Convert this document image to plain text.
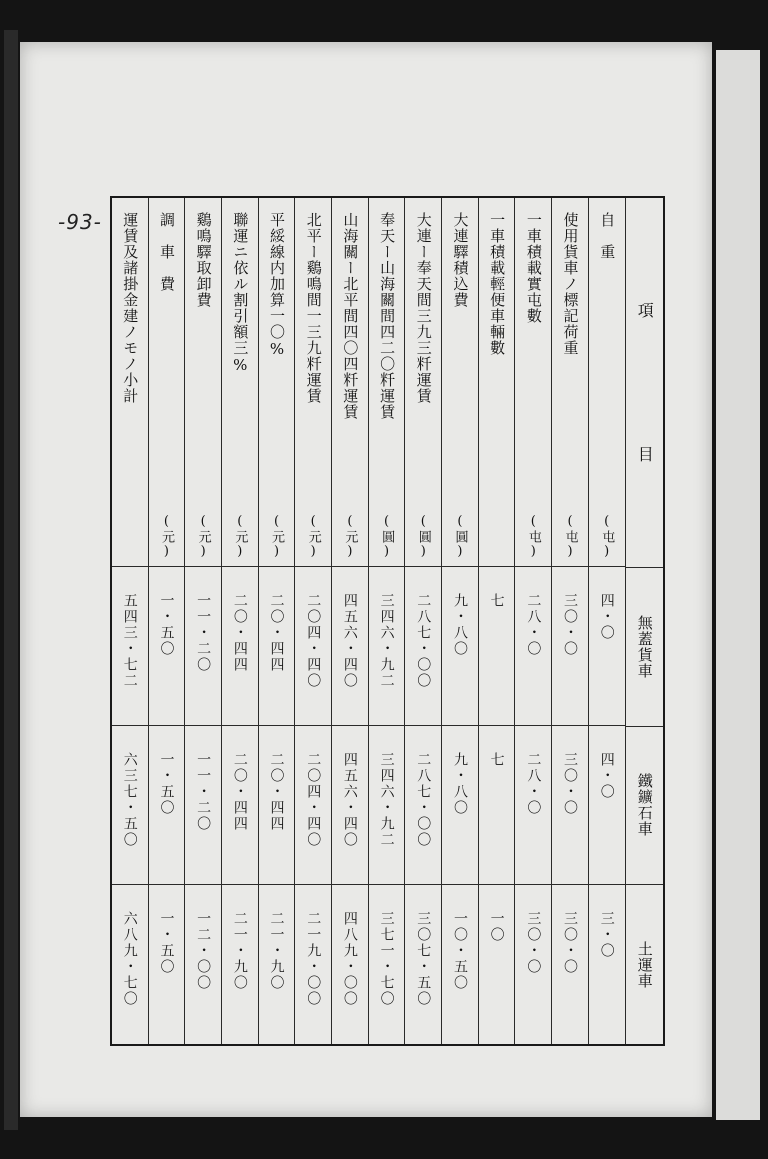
-93-
項
目
無蓋貨車
鐵鑛石車
土運車
自　重
(屯)
四・〇
四・〇
三・〇
使用貨車ノ標記荷重
(屯)
三〇・〇
三〇・〇
三〇・〇
一車積載實屯數
(屯)
二八・〇
二八・〇
三〇・〇
一車積載輕便車輛數
七
七
一〇
大連驛積込費
(圓)
九・八〇
九・八〇
一〇・五〇
大連ー奉天間三九三粁運賃
(圓)
二八七・〇〇
二八七・〇〇
三〇七・五〇
奉天ー山海關間四二〇粁運賃
(圓)
三四六・九二
三四六・九二
三七一・七〇
山海關ー北平間四〇四粁運賃
(元)
四五六・四〇
四五六・四〇
四八九・〇〇
北平ー鷄鳴間一三九粁運賃
(元)
二〇四・四〇
二〇四・四〇
二一九・〇〇
平綏線内加算一〇%
(元)
二〇・四四
二〇・四四
二一・九〇
聯運ニ依ル割引額三%
(元)
二〇・四四
二〇・四四
二一・九〇
鷄鳴驛取卸費
(元)
一一・二〇
一一・二〇
一二・〇〇
調　車　費
(元)
一・五〇
一・五〇
一・五〇
運賃及諸掛金建ノモノ小計
五四三・七二
六三七・五〇
六八九・七〇
